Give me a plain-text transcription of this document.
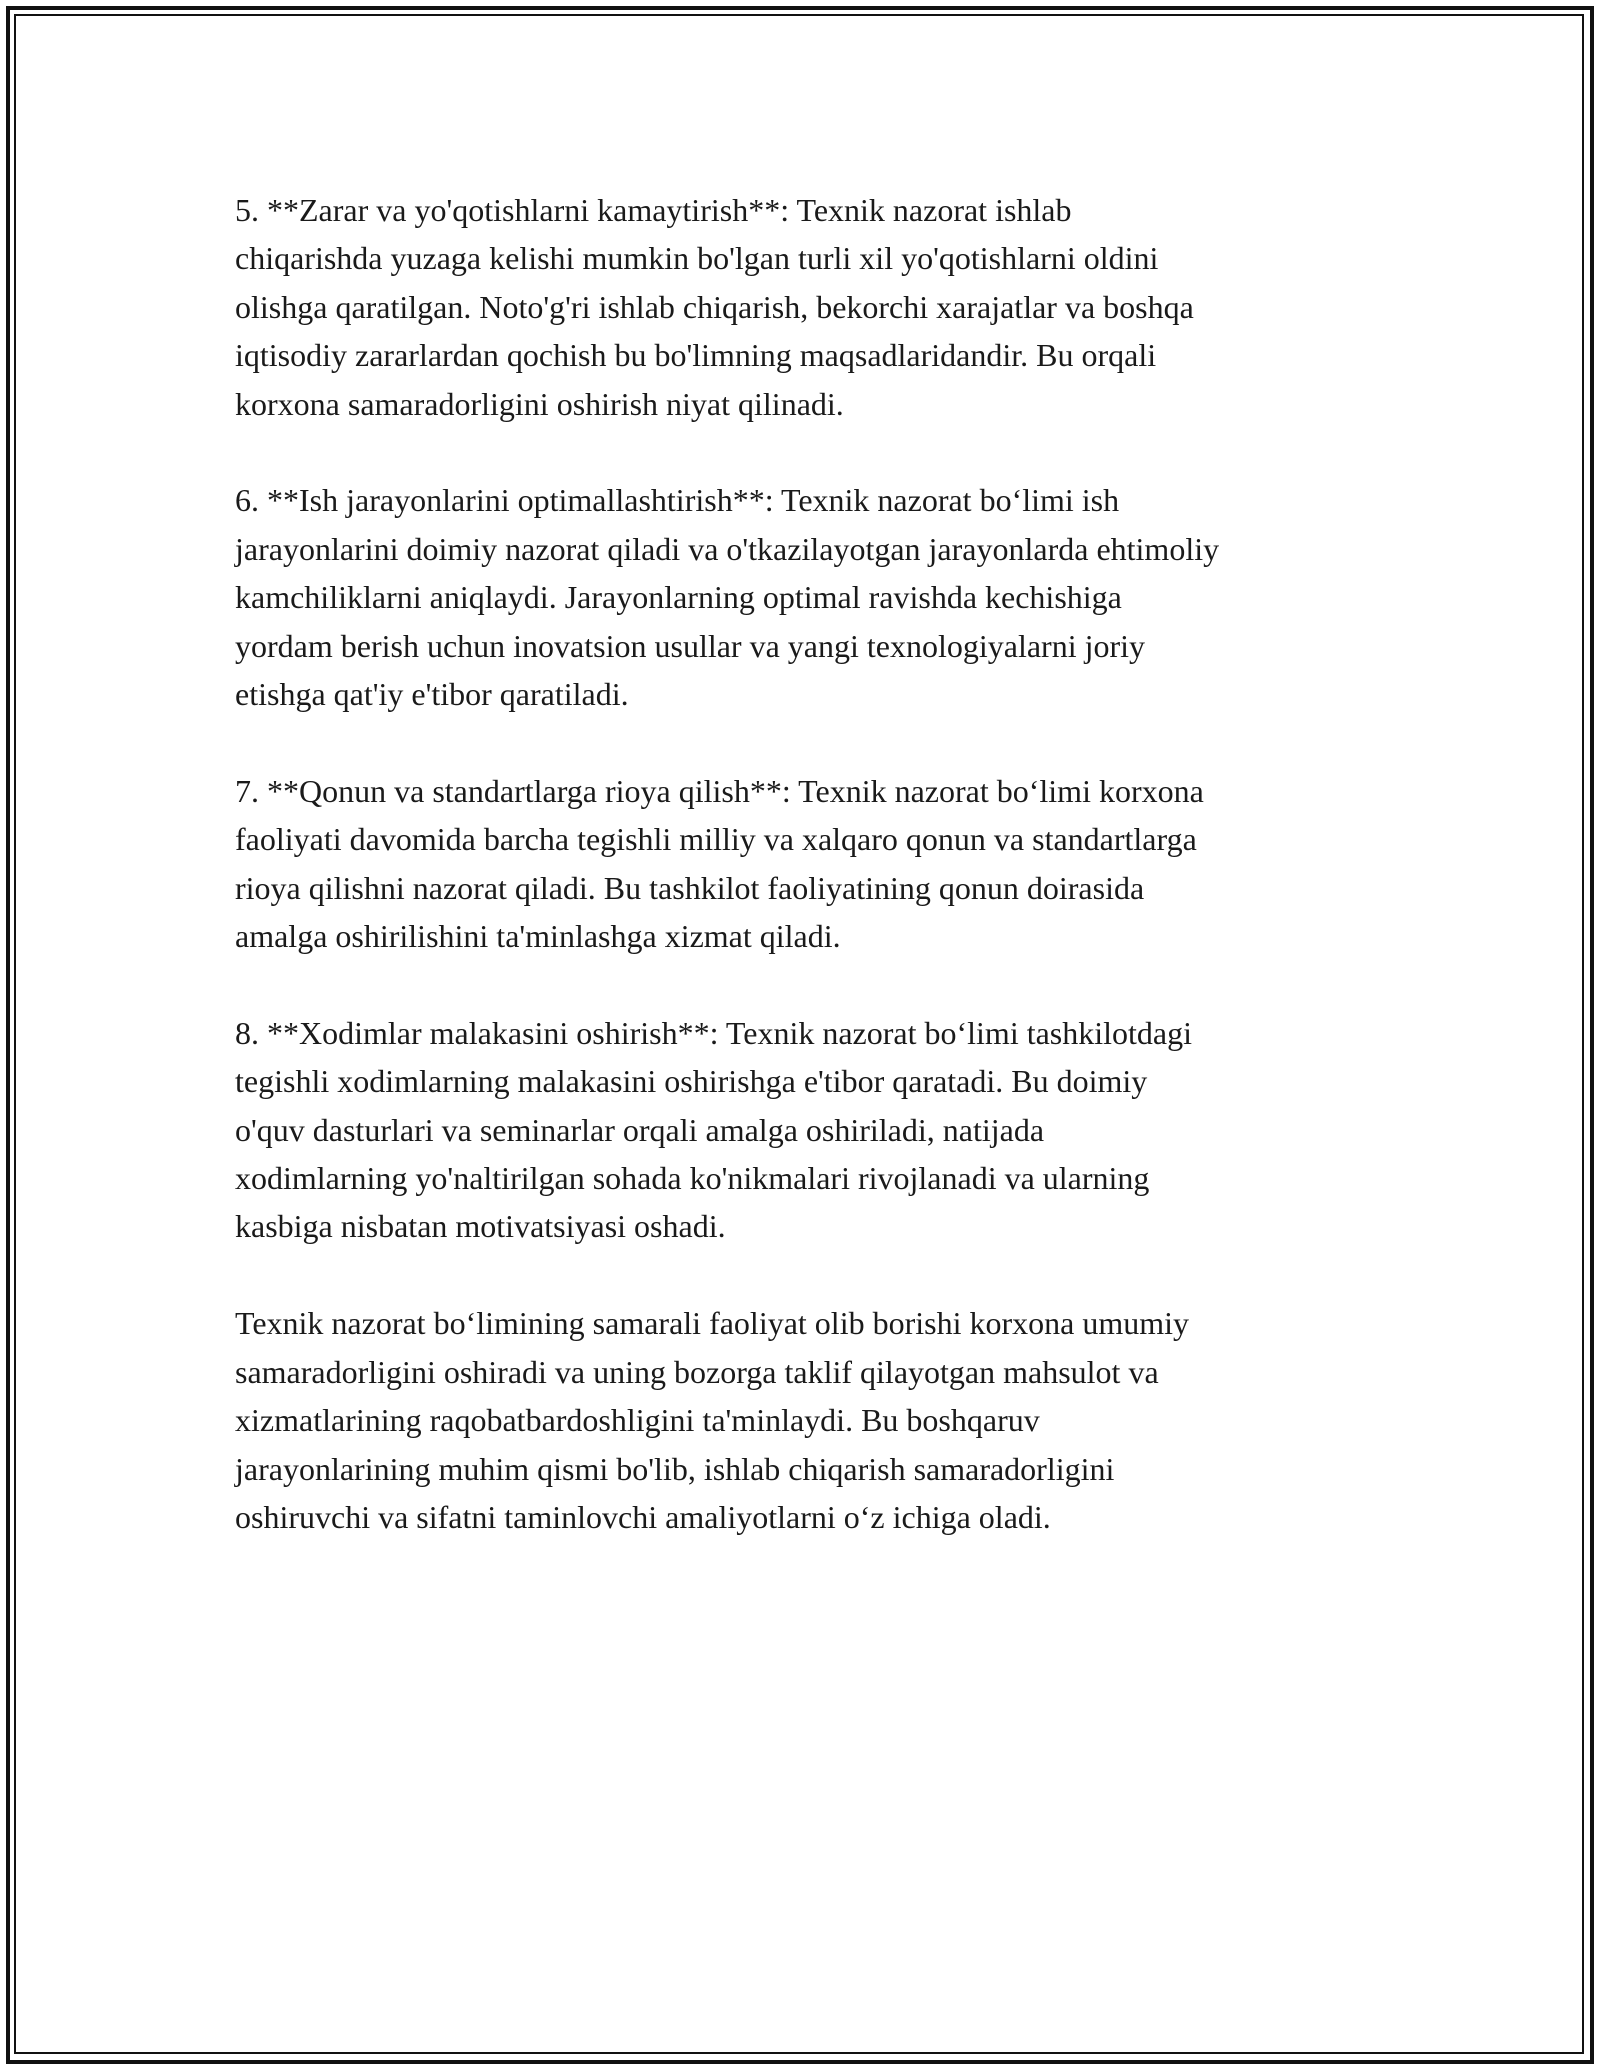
5. **Zarar va yo'qotishlarni kamaytirish**: Texnik nazorat ishlab
chiqarishda yuzaga kelishi mumkin bo'lgan turli xil yo'qotishlarni oldini
olishga qaratilgan. Noto'g'ri ishlab chiqarish, bekorchi xarajatlar va boshqa
iqtisodiy zararlardan qochish bu bo'limning maqsadlaridandir. Bu orqali
korxona samaradorligini oshirish niyat qilinadi.

6. **Ish jarayonlarini optimallashtirish**: Texnik nazorat bo‘limi ish
jarayonlarini doimiy nazorat qiladi va o'tkazilayotgan jarayonlarda ehtimoliy
kamchiliklarni aniqlaydi. Jarayonlarning optimal ravishda kechishiga
yordam berish uchun inovatsion usullar va yangi texnologiyalarni joriy
etishga qat'iy e'tibor qaratiladi.

7. **Qonun va standartlarga rioya qilish**: Texnik nazorat bo‘limi korxona
faoliyati davomida barcha tegishli milliy va xalqaro qonun va standartlarga
rioya qilishni nazorat qiladi. Bu tashkilot faoliyatining qonun doirasida
amalga oshirilishini ta'minlashga xizmat qiladi.

8. **Xodimlar malakasini oshirish**: Texnik nazorat bo‘limi tashkilotdagi
tegishli xodimlarning malakasini oshirishga e'tibor qaratadi. Bu doimiy
o'quv dasturlari va seminarlar orqali amalga oshiriladi, natijada
xodimlarning yo'naltirilgan sohada ko'nikmalari rivojlanadi va ularning
kasbiga nisbatan motivatsiyasi oshadi.

Texnik nazorat bo‘limining samarali faoliyat olib borishi korxona umumiy
samaradorligini oshiradi va uning bozorga taklif qilayotgan mahsulot va
xizmatlarining raqobatbardoshligini ta'minlaydi. Bu boshqaruv
jarayonlarining muhim qismi bo'lib, ishlab chiqarish samaradorligini
oshiruvchi va sifatni taminlovchi amaliyotlarni o‘z ichiga oladi.
